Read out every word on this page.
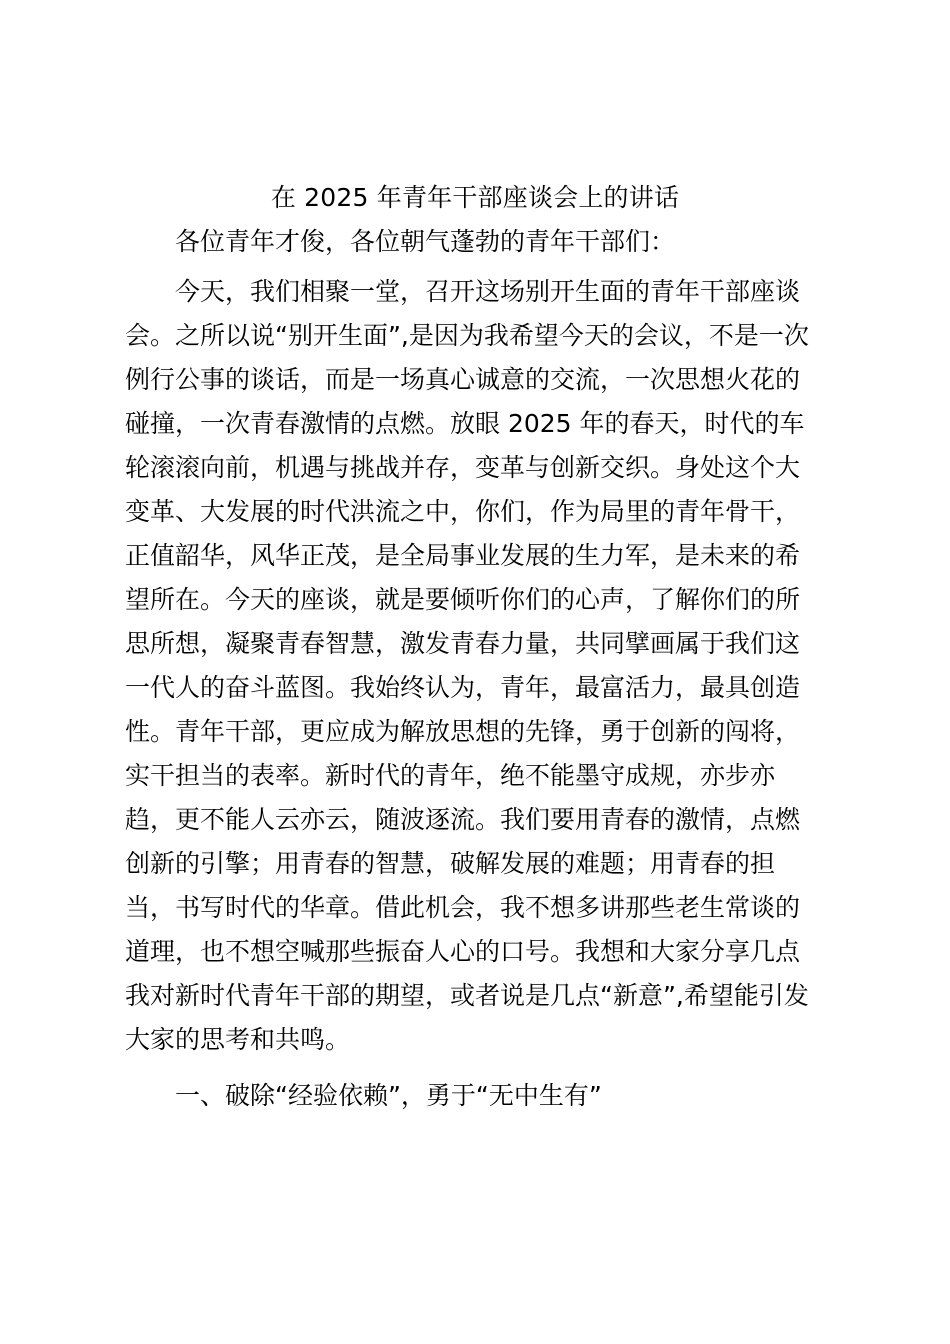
在 2025 年青年干部座谈会上的讲话
各位青年才俊，各位朝气蓬勃的青年干部们：
今天，我们相聚一堂，召开这场别开生面的青年干部座谈
会。之所以说“别开生面”,是因为我希望今天的会议，不是一次
例行公事的谈话，而是一场真心诚意的交流，一次思想火花的
碰撞，一次青春激情的点燃。放眼 2025 年的春天，时代的车
轮滚滚向前，机遇与挑战并存，变革与创新交织。身处这个大
变革、大发展的时代洪流之中，你们，作为局里的青年骨干，
正值韶华，风华正茂，是全局事业发展的生力军，是未来的希
望所在。今天的座谈，就是要倾听你们的心声，了解你们的所
思所想，凝聚青春智慧，激发青春力量，共同擘画属于我们这
一代人的奋斗蓝图。我始终认为，青年，最富活力，最具创造
性。青年干部，更应成为解放思想的先锋，勇于创新的闯将，
实干担当的表率。新时代的青年，绝不能墨守成规，亦步亦
趋，更不能人云亦云，随波逐流。我们要用青春的激情，点燃
创新的引擎；用青春的智慧，破解发展的难题；用青春的担
当，书写时代的华章。借此机会，我不想多讲那些老生常谈的
道理，也不想空喊那些振奋人心的口号。我想和大家分享几点
我对新时代青年干部的期望，或者说是几点“新意”,希望能引发
大家的思考和共鸣。
一、破除“经验依赖”，勇于“无中生有”
